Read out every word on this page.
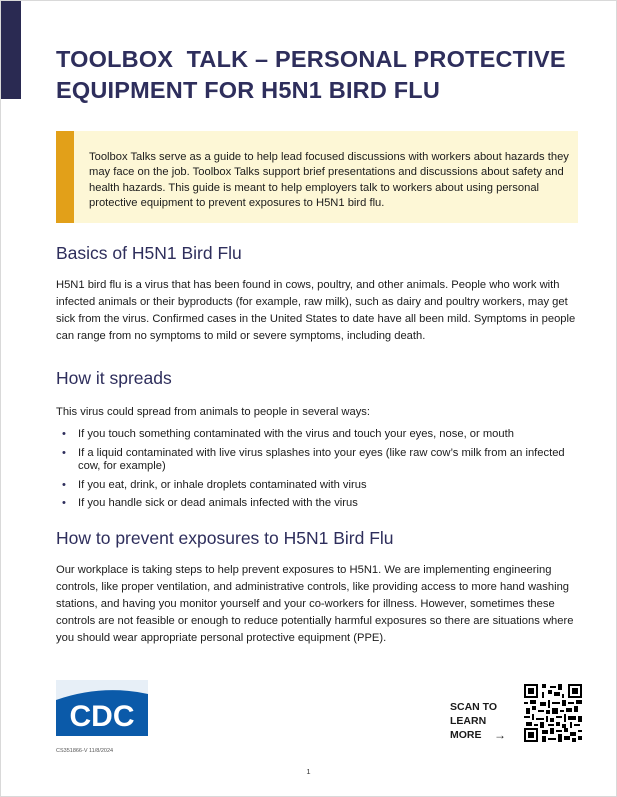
TOOLBOX  TALK – PERSONAL PROTECTIVE
EQUIPMENT FOR H5N1 BIRD FLU

Toolbox Talks serve as a guide to help lead focused discussions with workers about hazards they may face on the job. Toolbox Talks support brief presentations and discussions about safety and health hazards. This guide is meant to help employers talk to workers about using personal protective equipment to prevent exposures to H5N1 bird flu.

Basics of H5N1 Bird Flu

H5N1 bird flu is a virus that has been found in cows, poultry, and other animals. People who work with infected animals or their byproducts (for example, raw milk), such as dairy and poultry workers, may get sick from the virus. Confirmed cases in the United States to date have all been mild. Symptoms in people can range from no symptoms to mild or severe symptoms, including death.

How it spreads

This virus could spread from animals to people in several ways:

• If you touch something contaminated with the virus and touch your eyes, nose, or mouth
• If a liquid contaminated with live virus splashes into your eyes (like raw cow’s milk from an infected cow, for example)
• If you eat, drink, or inhale droplets contaminated with virus
• If you handle sick or dead animals infected with the virus
How to prevent exposures to H5N1 Bird Flu

Our workplace is taking steps to help prevent exposures to H5N1. We are implementing engineering controls, like proper ventilation, and administrative controls, like providing access to more hand washing stations, and having you monitor yourself and your co-workers for illness. However, sometimes these controls are not feasible or enough to reduce potentially harmful exposures so there are situations where you should wear appropriate personal protective equipment (PPE).

CDC
CS351866-V 11/8/2024
SCAN TO
LEARN
MORE	→
1
